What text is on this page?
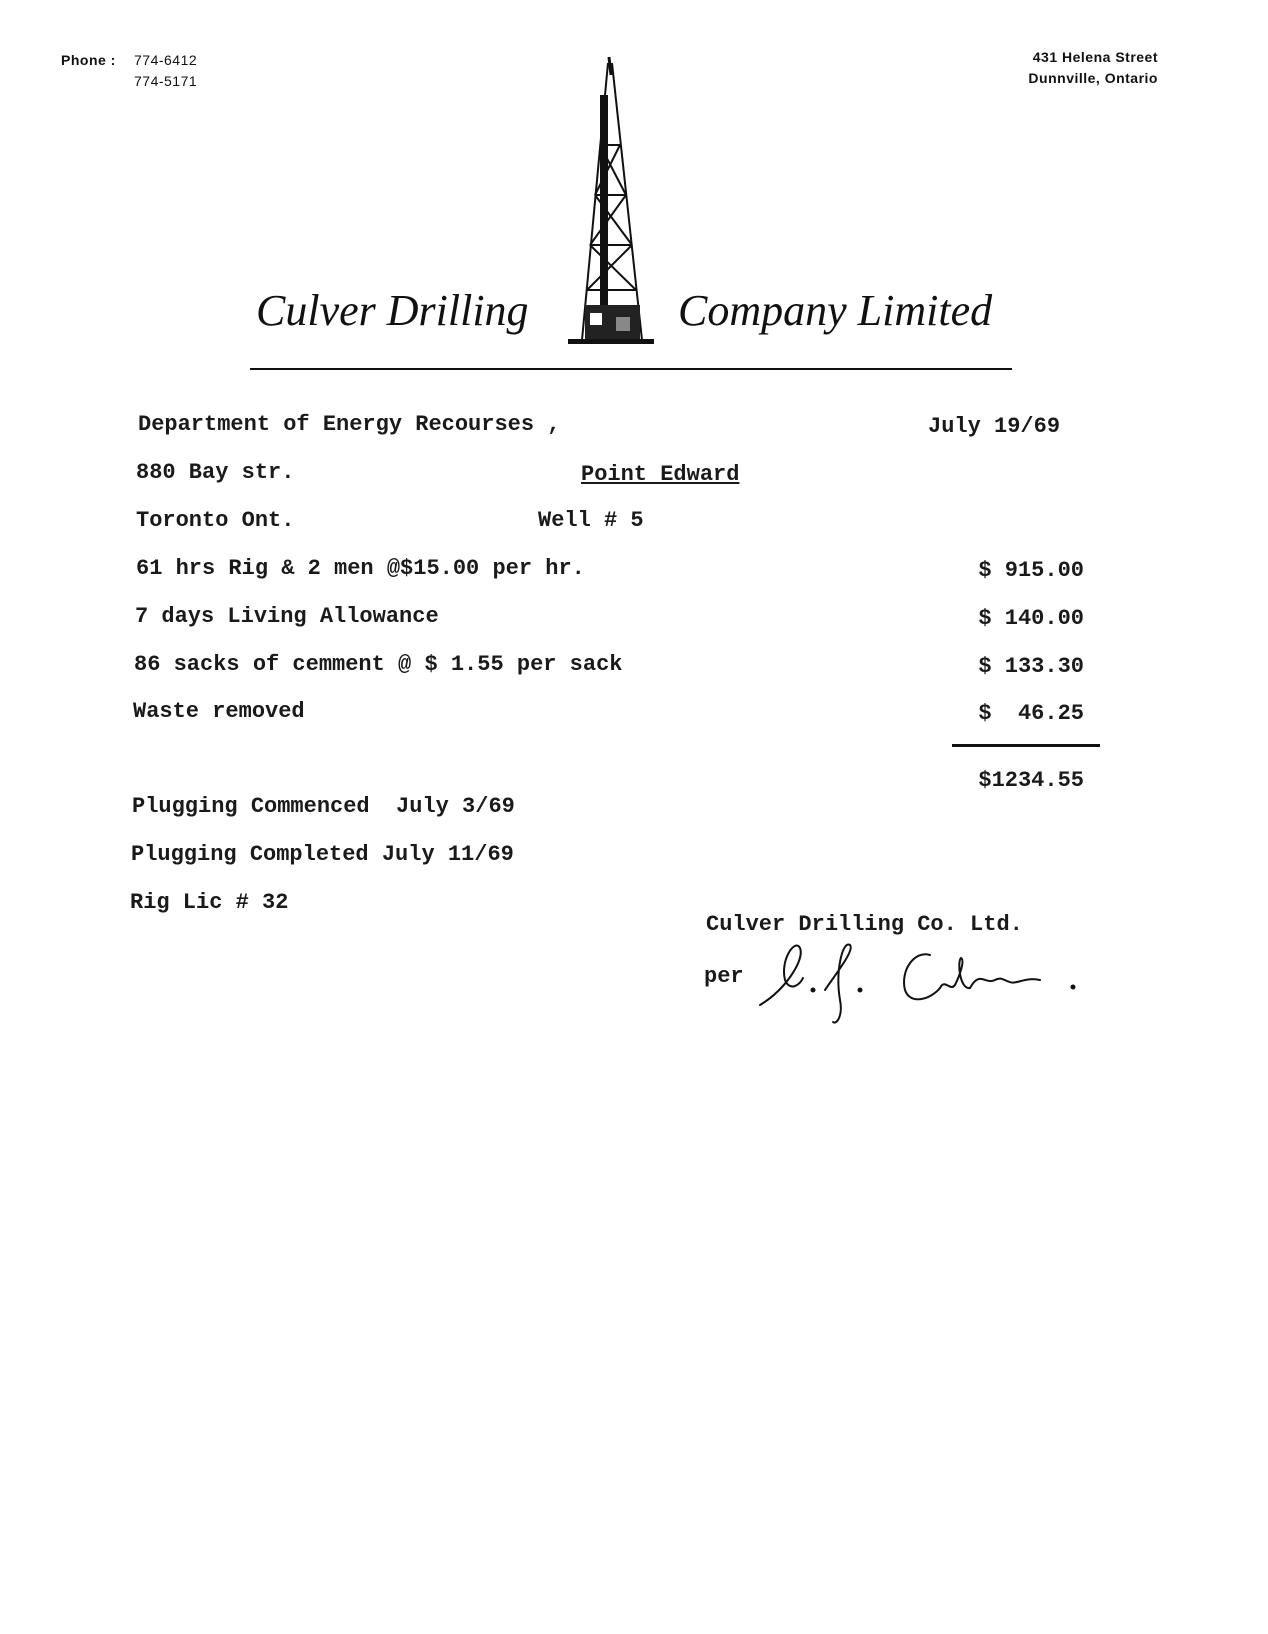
Phone : 774-6412
774-5171
431 Helena Street
Dunnville, Ontario
Culver Drilling	Company Limited
Department of Energy Recourses ,	July 19/69
880 Bay str.	Point Edward
Toronto Ont.	Well # 5
61 hrs Rig & 2 men @$15.00 per hr.	$ 915.00
7 days Living Allowance	$ 140.00
86 sacks of cemment @ $ 1.55 per sack	$ 133.30
Waste removed	$  46.25
$1234.55
Plugging Commenced  July 3/69
Plugging Completed July 11/69
Rig Lic # 32
Culver Drilling Co. Ltd.
per
